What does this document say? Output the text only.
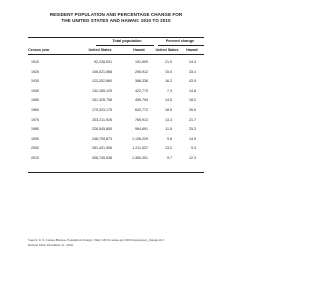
RESIDENT POPULATION AND PERCENTAGE CHANGE FOR
THE UNITED STATES AND HAWAII: 1910 TO 2010
Total population	Percent change
Census year	United States	Hawaii	United States	Hawaii
1910	92,228,531	191,909	21.0	24.4
1920	106,021,568	255,912	15.0	33.4
1930	123,202,660	368,336	16.2	43.9
1940	132,165,129	422,770	7.3	14.8
1950	151,325,798	499,794	14.5	18.2
1960	179,323,175	632,772	18.5	26.6
1970	203,211,926	769,913	13.3	21.7
1980	226,545,805	964,691	11.5	25.3
1990	248,709,873	1,108,229	9.8	14.9
2000	281,421,906	1,211,537	13.2	9.3
2010	308,745,538	1,360,301	9.7	12.3
Source: U.S. Census Bureau, Population Change <http://2010.census.gov/2010census/pop_change.xls>
Release Date: December 21, 2010.
